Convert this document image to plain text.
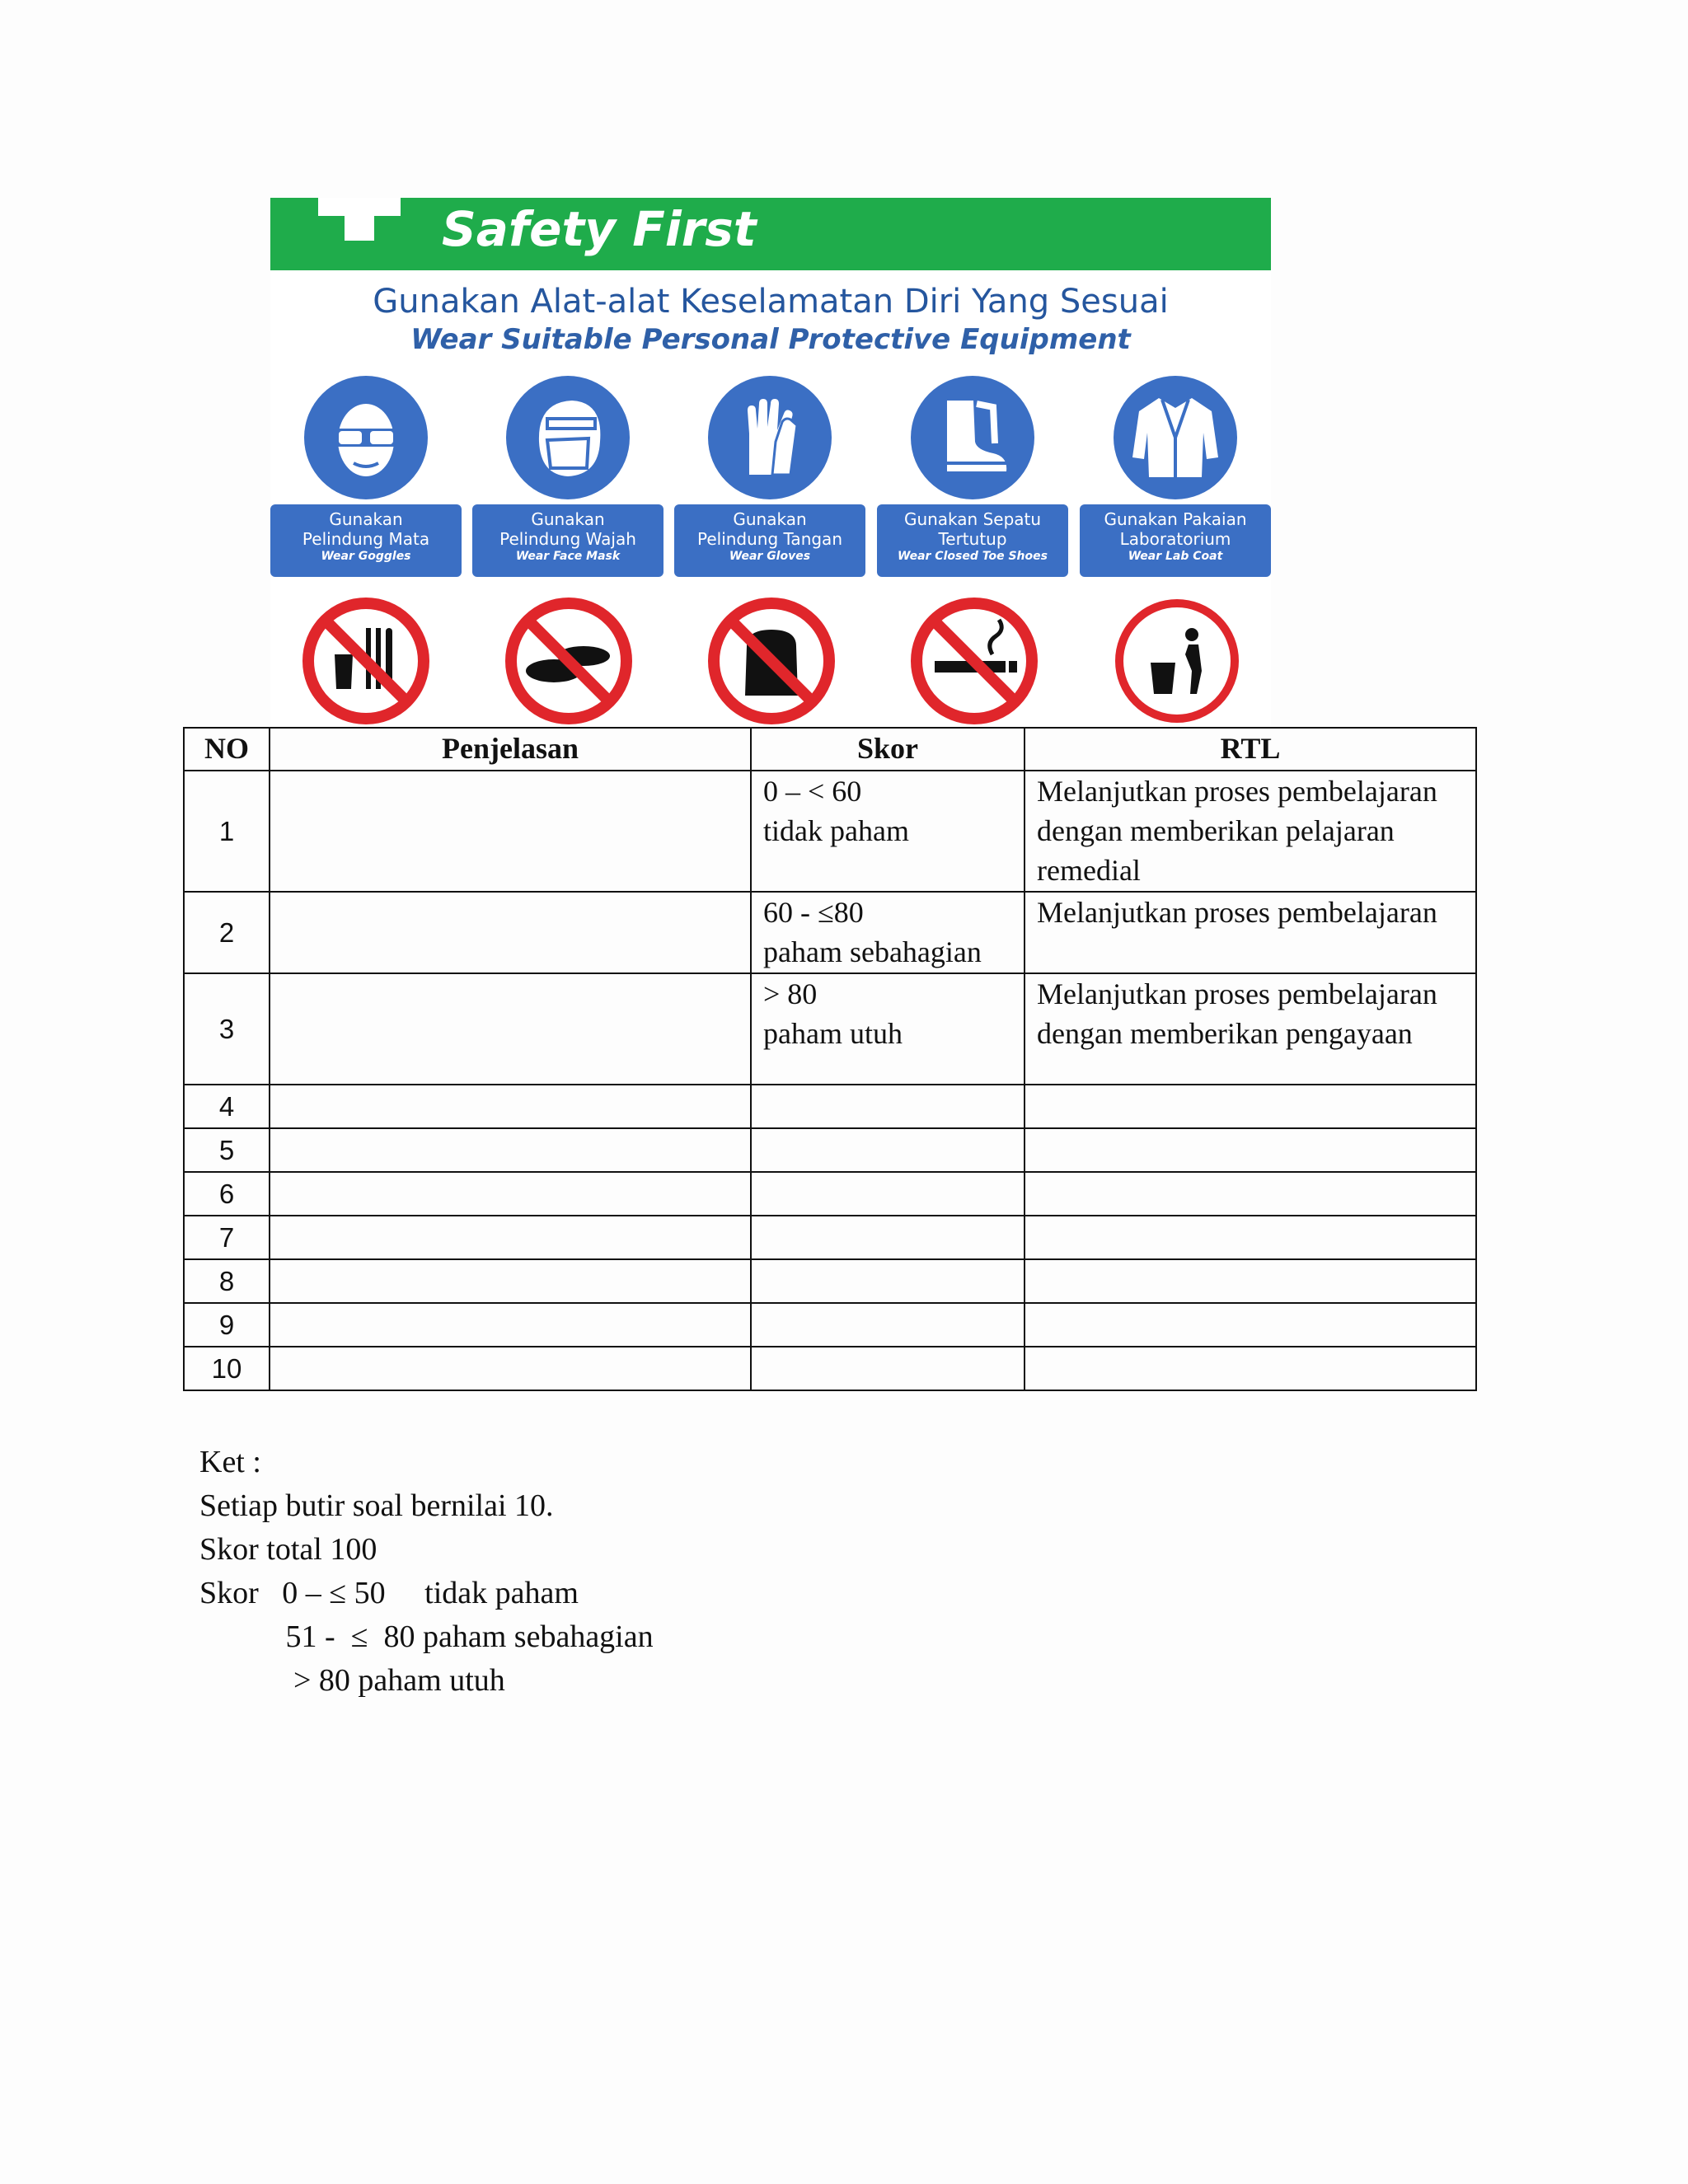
Safety First
Gunakan Alat-alat Keselamatan Diri Yang Sesuai
Wear Suitable Personal Protective Equipment
Gunakan
Pelindung Mata
Wear Goggles
Gunakan
Pelindung Wajah
Wear Face Mask
Gunakan
Pelindung Tangan
Wear Gloves
Gunakan Sepatu
Tertutup
Wear Closed Toe Shoes
Gunakan Pakaian
Laboratorium
Wear Lab Coat
NO	Penjelasan	Skor	RTL
1		0 – < 60
tidak paham	Melanjutkan proses pembelajaran
dengan memberikan pelajaran
remedial

2		60 - ≤80
paham sebahagian	Melanjutkan proses pembelajaran

3		> 80
paham utuh	Melanjutkan proses pembelajaran
dengan memberikan pengayaan

4			
5			
6			
7			
8			
9			
10			
Ket :
Setiap butir soal bernilai 10.
Skor total 100
Skor   0 – ≤ 50     tidak paham
51 -  ≤  80 paham sebahagian
> 80 paham utuh
